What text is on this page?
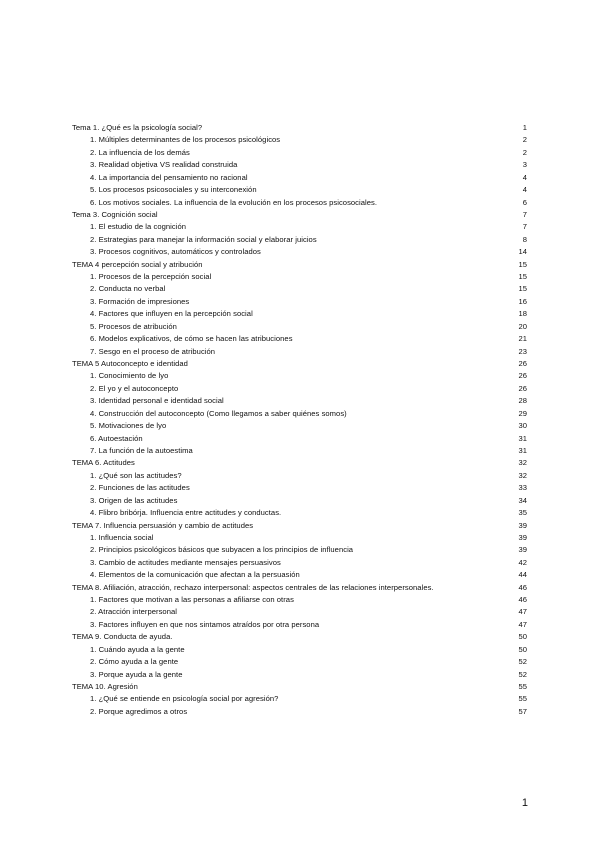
Tema 1. ¿Qué es la psicología social?	1
1. Múltiples determinantes de los procesos psicológicos	2
2. La influencia de los demás	2
3. Realidad objetiva VS realidad construida	3
4. La importancia del pensamiento no racional	4
5. Los procesos psicosociales y su interconexión	4
6. Los motivos sociales. La influencia de la evolución en los procesos psicosociales.	6
Tema 3. Cognición social	7
1. El estudio de la cognición	7
2. Estrategias para manejar la información social y elaborar juicios	8
3. Procesos cognitivos, automáticos y controlados	14
TEMA 4 percepción social y atribución	15
1. Procesos de la percepción social	15
2. Conducta no verbal	15
3. Formación de impresiones	16
4. Factores que influyen en la percepción social	18
5. Procesos de atribución	20
6. Modelos explicativos, de cómo se hacen las atribuciones	21
7. Sesgo en el proceso de atribución	23
TEMA 5 Autoconcepto e identidad	26
1. Conocimiento de lyo	26
2. El yo y el autoconcepto	26
3. Identidad personal e identidad social	28
4. Construcción del autoconcepto (Como llegamos a saber quiénes somos)	29
5. Motivaciones de lyo	30
6. Autoestación	31
7. La función de la autoestima	31
TEMA 6. Actitudes	32
1. ¿Qué son las actitudes?	32
2. Funciones de las actitudes	33
3. Origen de las actitudes	34
4. Flibro bribórja. Influencia entre actitudes y conductas.	35
TEMA 7. Influencia persuasión y cambio de actitudes	39
1. Influencia social	39
2. Principios psicológicos básicos que subyacen a los principios de influencia	39
3. Cambio de actitudes mediante mensajes persuasivos	42
4. Elementos de la comunicación que afectan a la persuasión	44
TEMA 8. Afiliación, atracción, rechazo interpersonal: aspectos centrales de las relaciones interpersonales.	46
1. Factores que motivan a las personas a afiliarse con otras	46
2. Atracción interpersonal	47
3. Factores influyen en que nos sintamos atraídos por otra persona	47
TEMA 9. Conducta de ayuda.	50
1. Cuándo ayuda a la gente	50
2. Cómo ayuda a la gente	52
3. Porque ayuda a la gente	52
TEMA 10. Agresión	55
1. ¿Qué se entiende en psicología social por agresión?	55
2. Porque agredimos a otros	57
1
